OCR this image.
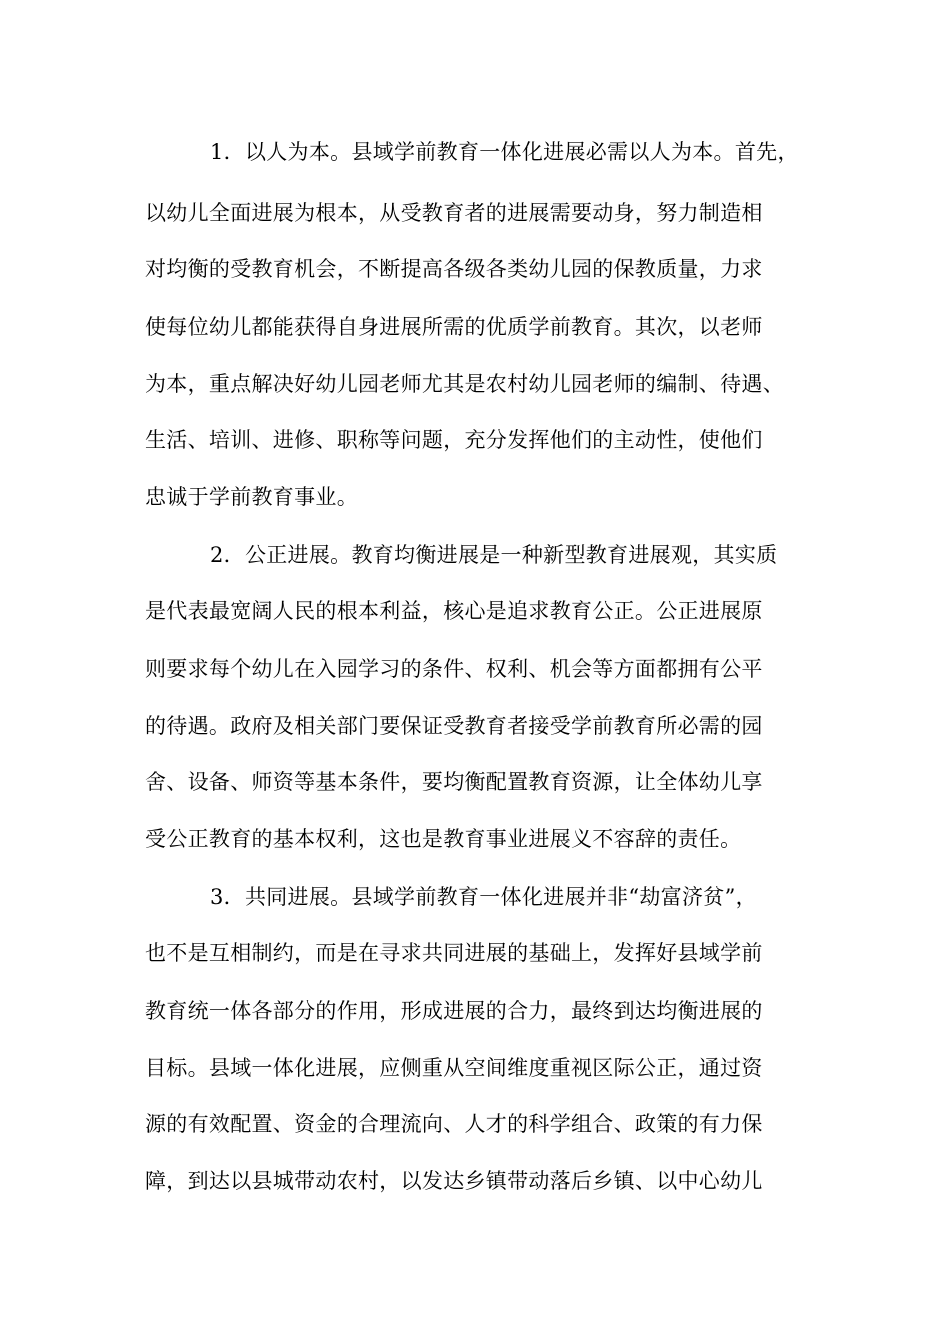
1．以人为本。县域学前教育一体化进展必需以人为本。首先，
以幼儿全面进展为根本，从受教育者的进展需要动身，努力制造相
对均衡的受教育机会，不断提高各级各类幼儿园的保教质量，力求
使每位幼儿都能获得自身进展所需的优质学前教育。其次，以老师
为本，重点解决好幼儿园老师尤其是农村幼儿园老师的编制、待遇、
生活、培训、进修、职称等问题，充分发挥他们的主动性，使他们
忠诚于学前教育事业。
2．公正进展。教育均衡进展是一种新型教育进展观，其实质
是代表最宽阔人民的根本利益，核心是追求教育公正。公正进展原
则要求每个幼儿在入园学习的条件、权利、机会等方面都拥有公平
的待遇。政府及相关部门要保证受教育者接受学前教育所必需的园
舍、设备、师资等基本条件，要均衡配置教育资源，让全体幼儿享
受公正教育的基本权利，这也是教育事业进展义不容辞的责任。
3．共同进展。县域学前教育一体化进展并非“劫富济贫”，
也不是互相制约，而是在寻求共同进展的基础上，发挥好县域学前
教育统一体各部分的作用，形成进展的合力，最终到达均衡进展的
目标。县域一体化进展，应侧重从空间维度重视区际公正，通过资
源的有效配置、资金的合理流向、人才的科学组合、政策的有力保
障，到达以县城带动农村，以发达乡镇带动落后乡镇、以中心幼儿
